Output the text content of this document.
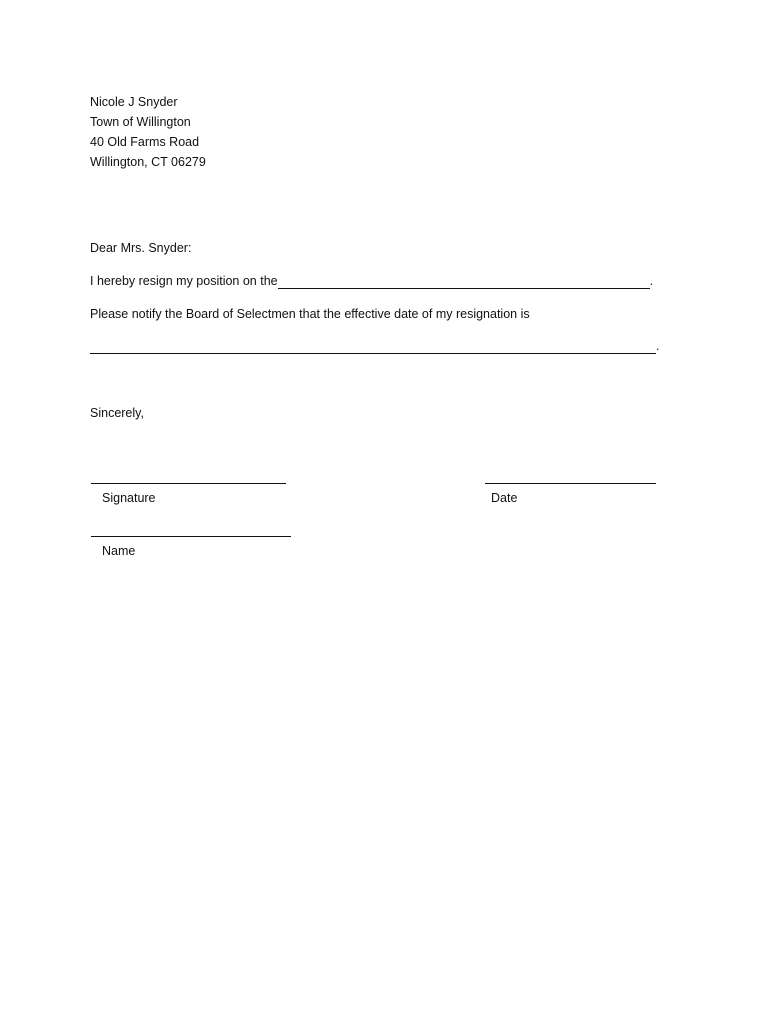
Nicole J Snyder
Town of Willington
40 Old Farms Road
Willington, CT 06279
Dear Mrs. Snyder:
I hereby resign my position on the	.
Please notify the Board of Selectmen that the effective date of my resignation is
.
Sincerely,
Signature	Date
Name
